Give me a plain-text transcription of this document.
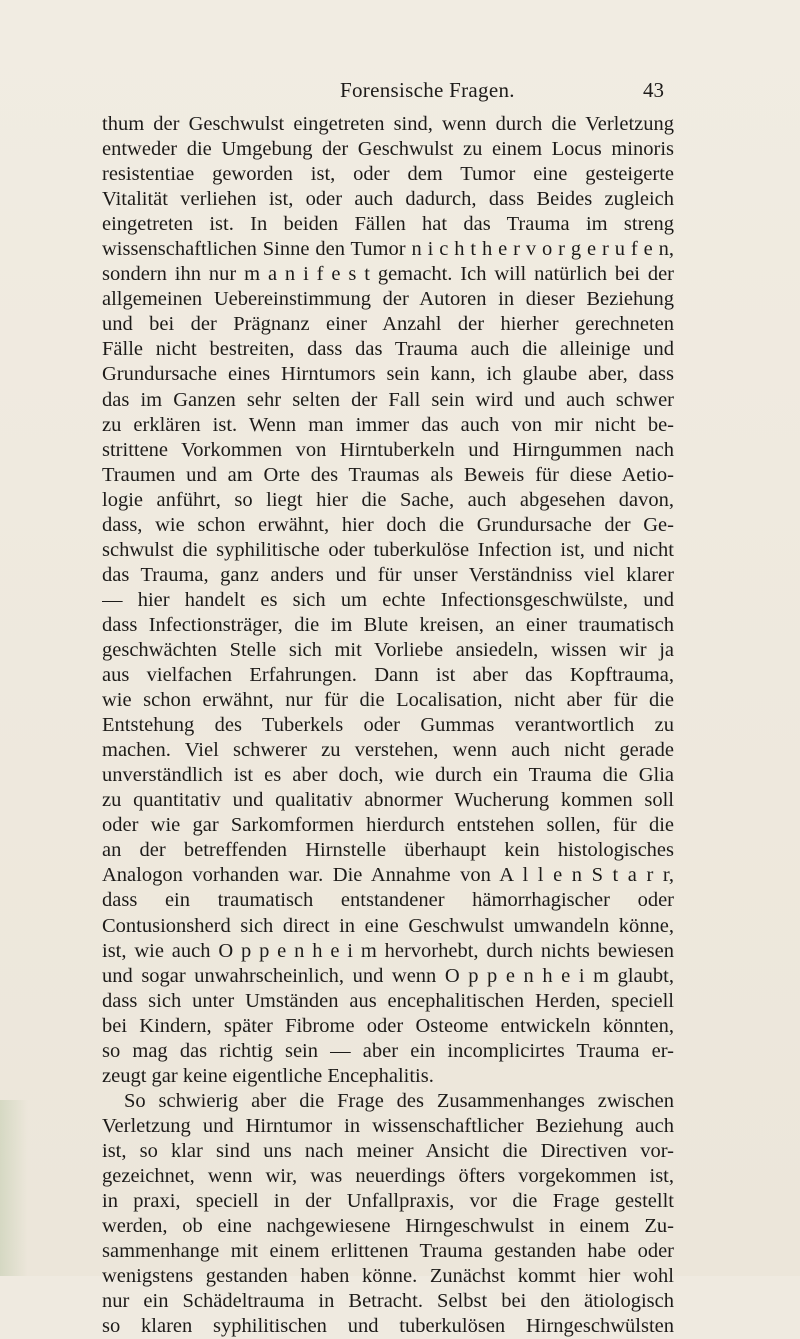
Forensische Fragen.	43
thum der Geschwulst eingetreten sind, wenn durch die Verletzung
entweder die Umgebung der Geschwulst zu einem Locus minoris
resistentiae geworden ist, oder dem Tumor eine gesteigerte
Vitalität verliehen ist, oder auch dadurch, dass Beides zugleich
eingetreten ist. In beiden Fällen hat das Trauma im streng
wissenschaftlichen Sinne den Tumor n i c h t h e r v o r g e r u f e n,
sondern ihn nur m a n i f e s t gemacht. Ich will natürlich bei der
allgemeinen Uebereinstimmung der Autoren in dieser Beziehung
und bei der Prägnanz einer Anzahl der hierher gerechneten
Fälle nicht bestreiten, dass das Trauma auch die alleinige und
Grundursache eines Hirntumors sein kann, ich glaube aber, dass
das im Ganzen sehr selten der Fall sein wird und auch schwer
zu erklären ist. Wenn man immer das auch von mir nicht be-
strittene Vorkommen von Hirntuberkeln und Hirngummen nach
Traumen und am Orte des Traumas als Beweis für diese Aetio-
logie anführt, so liegt hier die Sache, auch abgesehen davon,
dass, wie schon erwähnt, hier doch die Grundursache der Ge-
schwulst die syphilitische oder tuberkulöse Infection ist, und nicht
das Trauma, ganz anders und für unser Verständniss viel klarer
— hier handelt es sich um echte Infectionsgeschwülste, und
dass Infectionsträger, die im Blute kreisen, an einer traumatisch
geschwächten Stelle sich mit Vorliebe ansiedeln, wissen wir ja
aus vielfachen Erfahrungen. Dann ist aber das Kopftrauma,
wie schon erwähnt, nur für die Localisation, nicht aber für die
Entstehung des Tuberkels oder Gummas verantwortlich zu
machen. Viel schwerer zu verstehen, wenn auch nicht gerade
unverständlich ist es aber doch, wie durch ein Trauma die Glia
zu quantitativ und qualitativ abnormer Wucherung kommen soll
oder wie gar Sarkomformen hierdurch entstehen sollen, für die
an der betreffenden Hirnstelle überhaupt kein histologisches
Analogon vorhanden war. Die Annahme von A l l e n S t a r r,
dass ein traumatisch entstandener hämorrhagischer oder
Contusionsherd sich direct in eine Geschwulst umwandeln könne,
ist, wie auch O p p e n h e i m hervorhebt, durch nichts bewiesen
und sogar unwahrscheinlich, und wenn O p p e n h e i m glaubt,
dass sich unter Umständen aus encephalitischen Herden, speciell
bei Kindern, später Fibrome oder Osteome entwickeln könnten,
so mag das richtig sein — aber ein incomplicirtes Trauma er-
zeugt gar keine eigentliche Encephalitis.
So schwierig aber die Frage des Zusammenhanges zwischen
Verletzung und Hirntumor in wissenschaftlicher Beziehung auch
ist, so klar sind uns nach meiner Ansicht die Directiven vor-
gezeichnet, wenn wir, was neuerdings öfters vorgekommen ist,
in praxi, speciell in der Unfallpraxis, vor die Frage gestellt
werden, ob eine nachgewiesene Hirngeschwulst in einem Zu-
sammenhange mit einem erlittenen Trauma gestanden habe oder
wenigstens gestanden haben könne. Zunächst kommt hier wohl
nur ein Schädeltrauma in Betracht. Selbst bei den ätiologisch
so klaren syphilitischen und tuberkulösen Hirngeschwülsten
